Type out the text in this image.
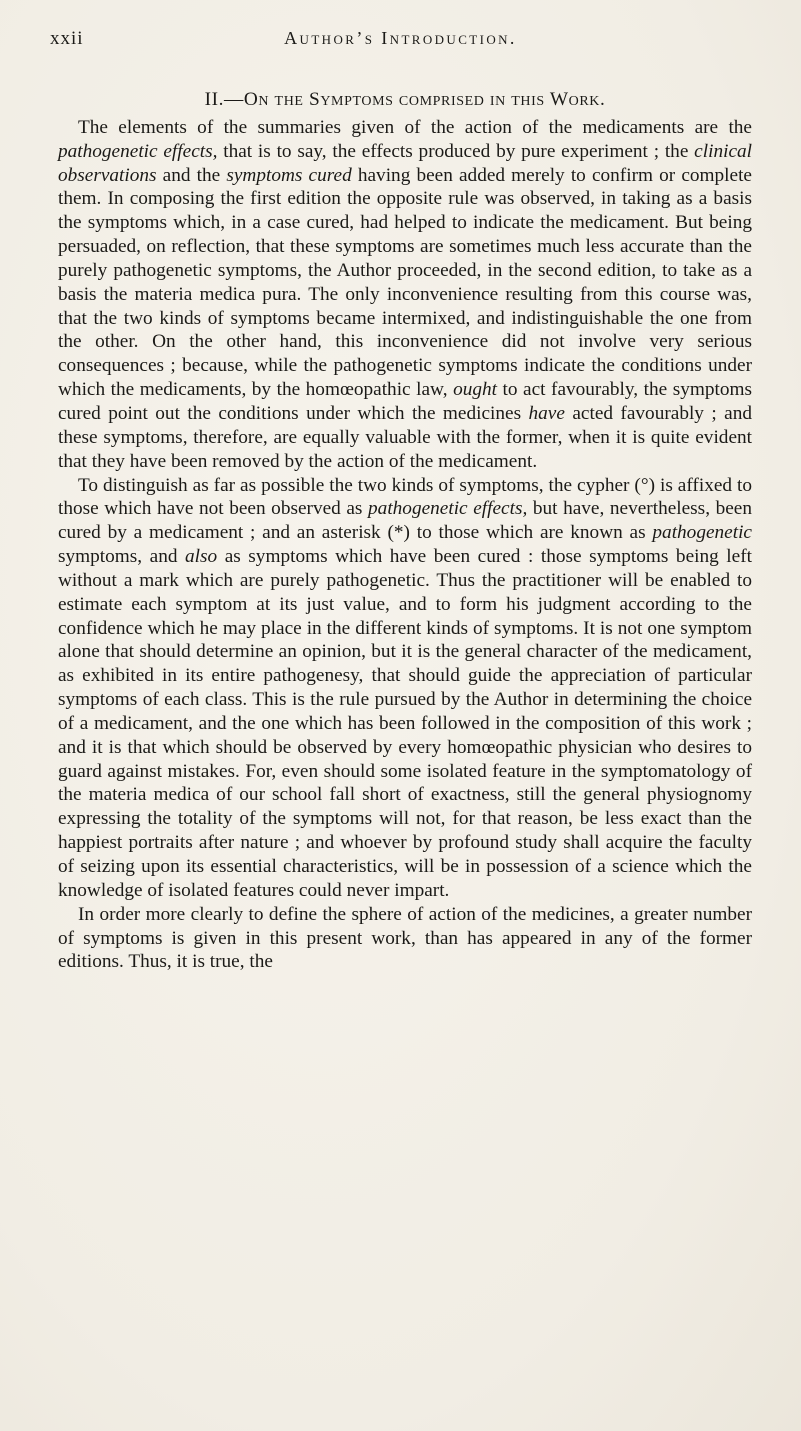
xxii	Author’s Introduction.
II.—On the Symptoms comprised in this Work.

The elements of the summaries given of the action of the medicaments are the pathogenetic effects, that is to say, the effects produced by pure experiment ; the clinical observations and the symptoms cured having been added merely to confirm or complete them. In composing the first edition the opposite rule was observed, in taking as a basis the symptoms which, in a case cured, had helped to indicate the medicament. But being persuaded, on reflection, that these symptoms are sometimes much less accurate than the purely pathogenetic symptoms, the Author proceeded, in the second edition, to take as a basis the materia medica pura. The only inconvenience resulting from this course was, that the two kinds of symptoms became intermixed, and indistinguishable the one from the other. On the other hand, this inconvenience did not involve very serious consequences ; because, while the pathogenetic symptoms indicate the conditions under which the medicaments, by the homœopathic law, ought to act favourably, the symptoms cured point out the conditions under which the medicines have acted favourably ; and these symptoms, therefore, are equally valuable with the former, when it is quite evident that they have been removed by the action of the medicament.

To distinguish as far as possible the two kinds of symptoms, the cypher (°) is affixed to those which have not been observed as pathogenetic effects, but have, nevertheless, been cured by a medicament ; and an asterisk (*) to those which are known as pathogenetic symptoms, and also as symptoms which have been cured : those symptoms being left without a mark which are purely pathogenetic. Thus the practitioner will be enabled to estimate each symptom at its just value, and to form his judgment according to the confidence which he may place in the different kinds of symptoms. It is not one symptom alone that should determine an opinion, but it is the general character of the medicament, as exhibited in its entire pathogenesy, that should guide the appreciation of particular symptoms of each class. This is the rule pursued by the Author in determining the choice of a medicament, and the one which has been followed in the composition of this work ; and it is that which should be observed by every homœopathic physician who desires to guard against mistakes. For, even should some isolated feature in the symptomatology of the materia medica of our school fall short of exactness, still the general physiognomy expressing the totality of the symptoms will not, for that reason, be less exact than the happiest portraits after nature ; and whoever by profound study shall acquire the faculty of seizing upon its essential characteristics, will be in possession of a science which the knowledge of isolated features could never impart.

In order more clearly to define the sphere of action of the medicines, a greater number of symptoms is given in this present work, than has appeared in any of the former editions. Thus, it is true, the
